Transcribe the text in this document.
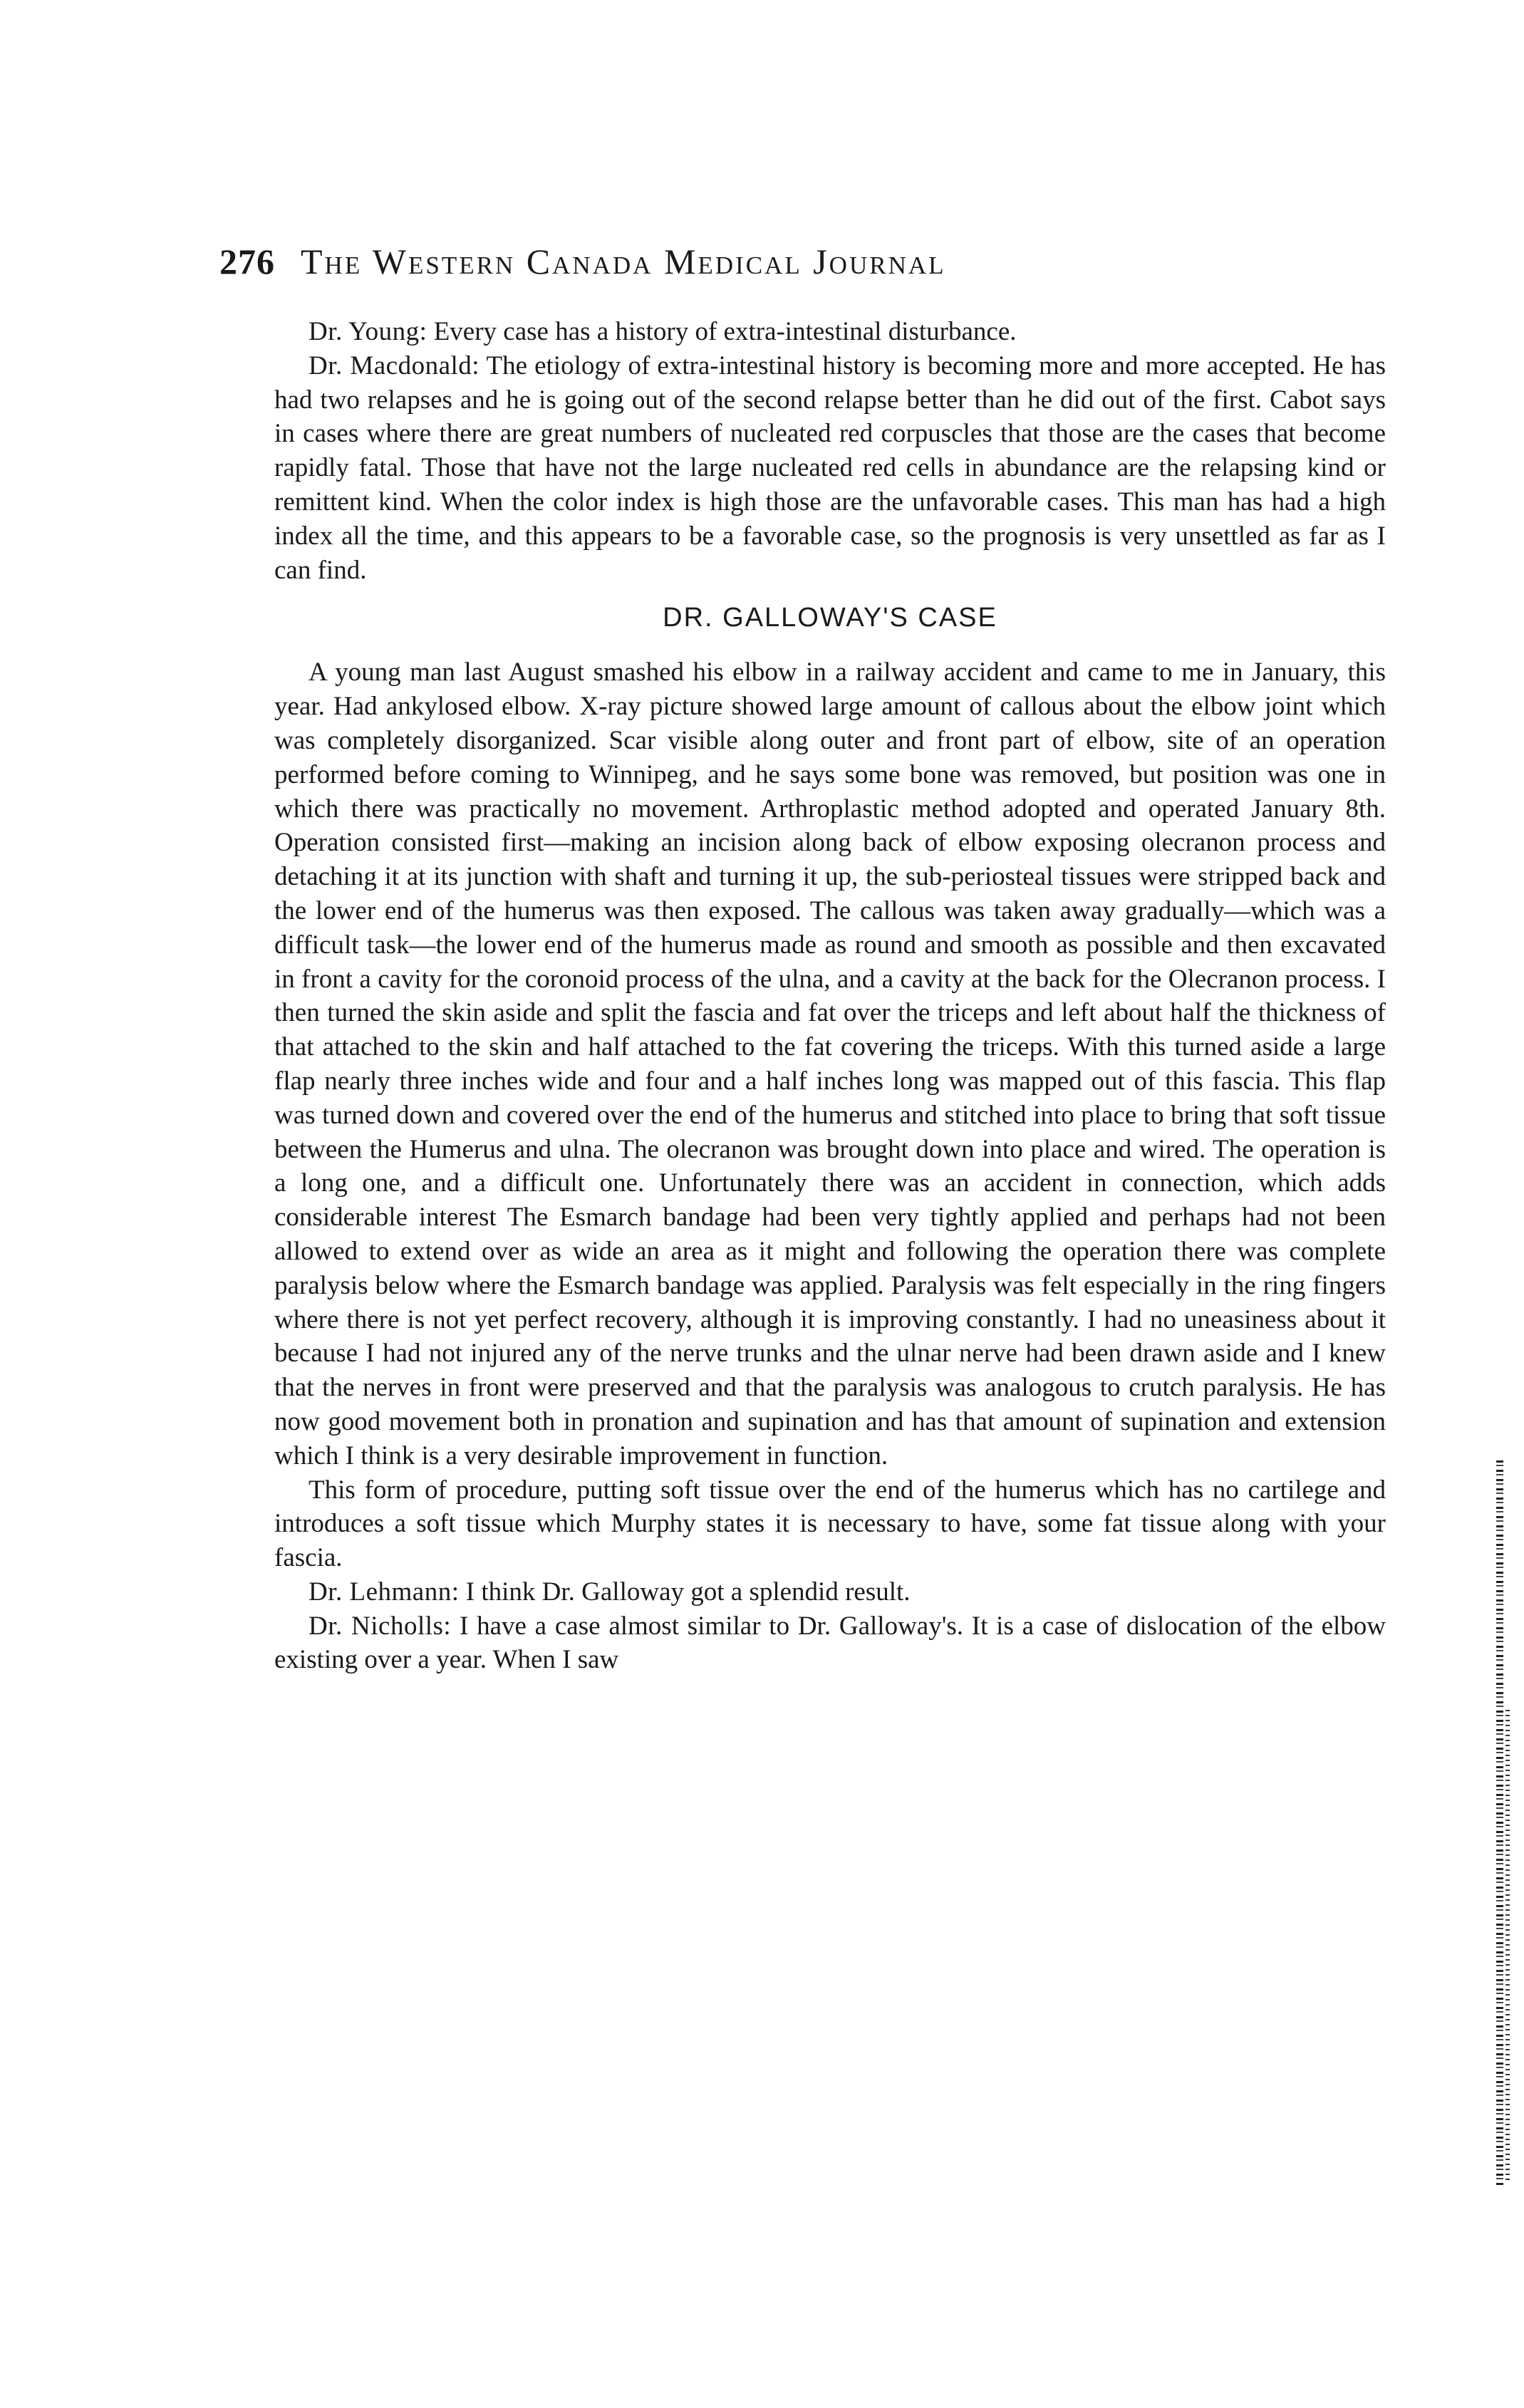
276 The Western Canada Medical Journal

Dr. Young: Every case has a history of extra-intestinal disturbance.

Dr. Macdonald: The etiology of extra-intestinal history is becoming more and more accepted. He has had two relapses and he is going out of the second relapse better than he did out of the first. Cabot says in cases where there are great numbers of nucleated red corpuscles that those are the cases that become rapidly fatal. Those that have not the large nucleated red cells in abundance are the relapsing kind or remittent kind. When the color index is high those are the unfavorable cases. This man has had a high index all the time, and this appears to be a favorable case, so the prognosis is very unsettled as far as I can find.

DR. GALLOWAY'S CASE

A young man last August smashed his elbow in a railway accident and came to me in January, this year. Had ankylosed elbow. X-ray picture showed large amount of callous about the elbow joint which was completely disorganized. Scar visible along outer and front part of elbow, site of an operation performed before coming to Winnipeg, and he says some bone was removed, but position was one in which there was practically no movement. Arthroplastic method adopted and operated January 8th. Operation consisted first—making an incision along back of elbow exposing olecranon process and detaching it at its junction with shaft and turning it up, the sub-periosteal tissues were stripped back and the lower end of the humerus was then exposed. The callous was taken away gradually—which was a difficult task—the lower end of the humerus made as round and smooth as possible and then excavated in front a cavity for the coronoid process of the ulna, and a cavity at the back for the Olecranon process. I then turned the skin aside and split the fascia and fat over the triceps and left about half the thickness of that attached to the skin and half attached to the fat covering the triceps. With this turned aside a large flap nearly three inches wide and four and a half inches long was mapped out of this fascia. This flap was turned down and covered over the end of the humerus and stitched into place to bring that soft tissue between the Humerus and ulna. The olecranon was brought down into place and wired. The operation is a long one, and a difficult one. Unfortunately there was an accident in connection, which adds considerable interest The Esmarch bandage had been very tightly applied and perhaps had not been allowed to extend over as wide an area as it might and following the operation there was complete paralysis below where the Esmarch bandage was applied. Paralysis was felt especially in the ring fingers where there is not yet perfect recovery, although it is improving constantly. I had no uneasiness about it because I had not injured any of the nerve trunks and the ulnar nerve had been drawn aside and I knew that the nerves in front were preserved and that the paralysis was analogous to crutch paralysis. He has now good movement both in pronation and supination and has that amount of supination and extension which I think is a very desirable improvement in function.

This form of procedure, putting soft tissue over the end of the humerus which has no cartilege and introduces a soft tissue which Murphy states it is necessary to have, some fat tissue along with your fascia.

Dr. Lehmann: I think Dr. Galloway got a splendid result.

Dr. Nicholls: I have a case almost similar to Dr. Galloway's. It is a case of dislocation of the elbow existing over a year. When I saw
